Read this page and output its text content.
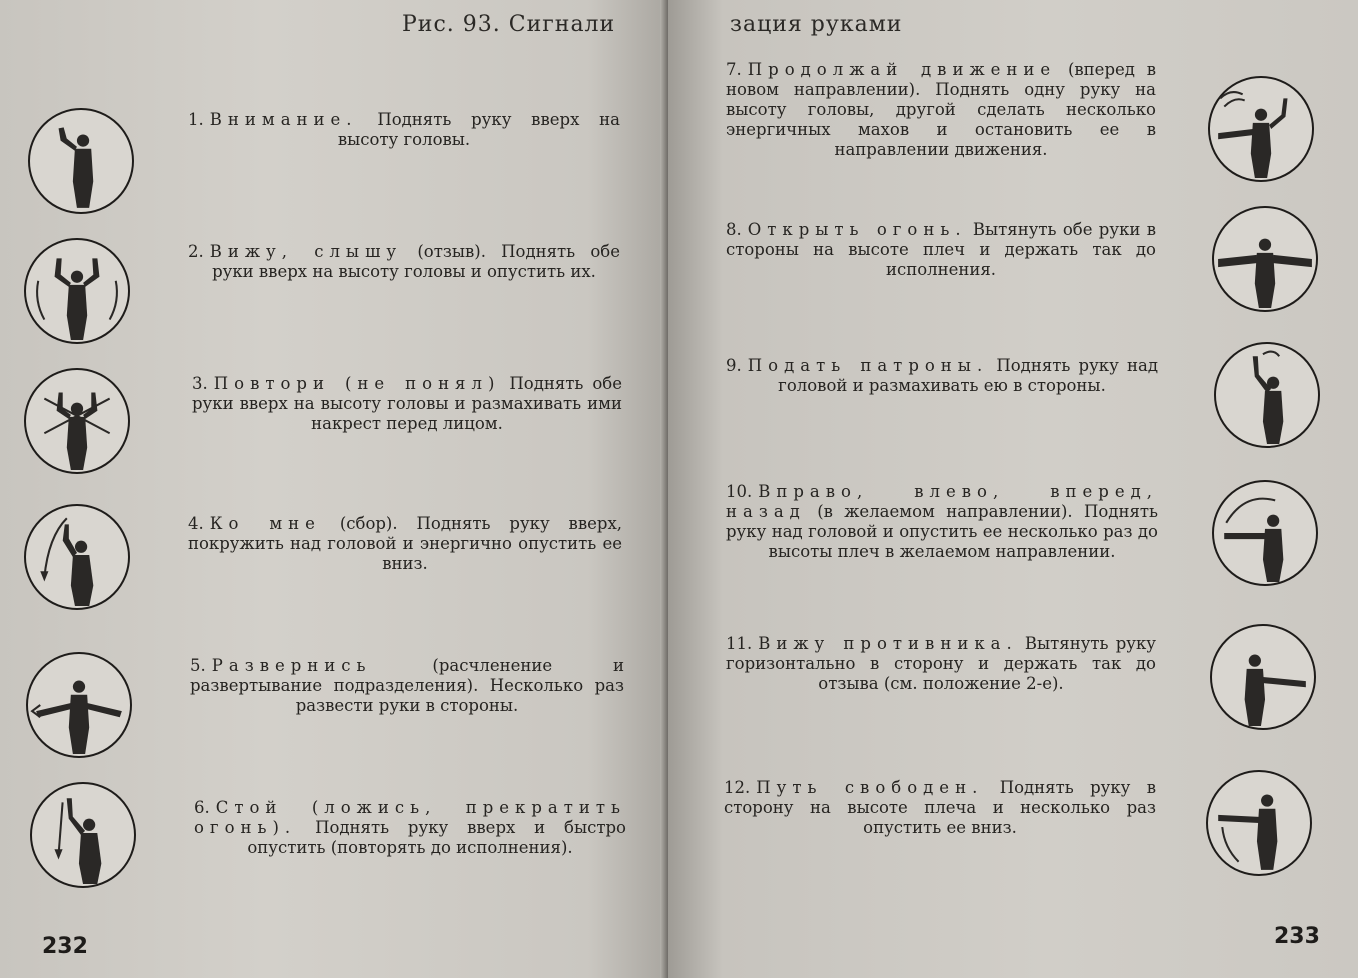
Рис. 93. Сигнали
1. Внимание. Поднять руку вверх на высоту головы.
2. Вижу, слышу (отзыв). Поднять обе руки вверх на высоту головы и опустить их.
3. Повтори (не понял) Поднять обе руки вверх на высоту головы и размахивать ими накрест перед лицом.
4. Ко мне (сбор). Поднять руку вверх, покружить над головой и энергично опустить ее вниз.
5. Развернись	(расчленение и развертывание подразделения). Несколько раз развести руки в стороны.
6. Стой (ложись, прекратить огонь). Поднять руку вверх и быстро опустить (повторять до исполнения).
232
зация руками
7. Продолжай движение (вперед в новом направлении). Поднять одну руку на высоту головы, другой сделать несколько энергичных махов и остановить ее в направлении движения.
8. Открыть огонь. Вытянуть обе руки в стороны на высоте плеч и держать так до исполнения.
9. Подать патроны. Поднять руку над головой и размахивать ею в стороны.
10. Вправо, влево, вперед, назад (в желаемом направлении). Поднять руку над головой и опустить ее несколько раз до высоты плеч в желаемом направлении.
11. Вижу противника. Вытянуть руку горизонтально в сторону и держать так до отзыва (см. положение 2-е).
12. Путь свободен. Поднять руку в сторону на высоте плеча и несколько раз опустить ее вниз.
233
